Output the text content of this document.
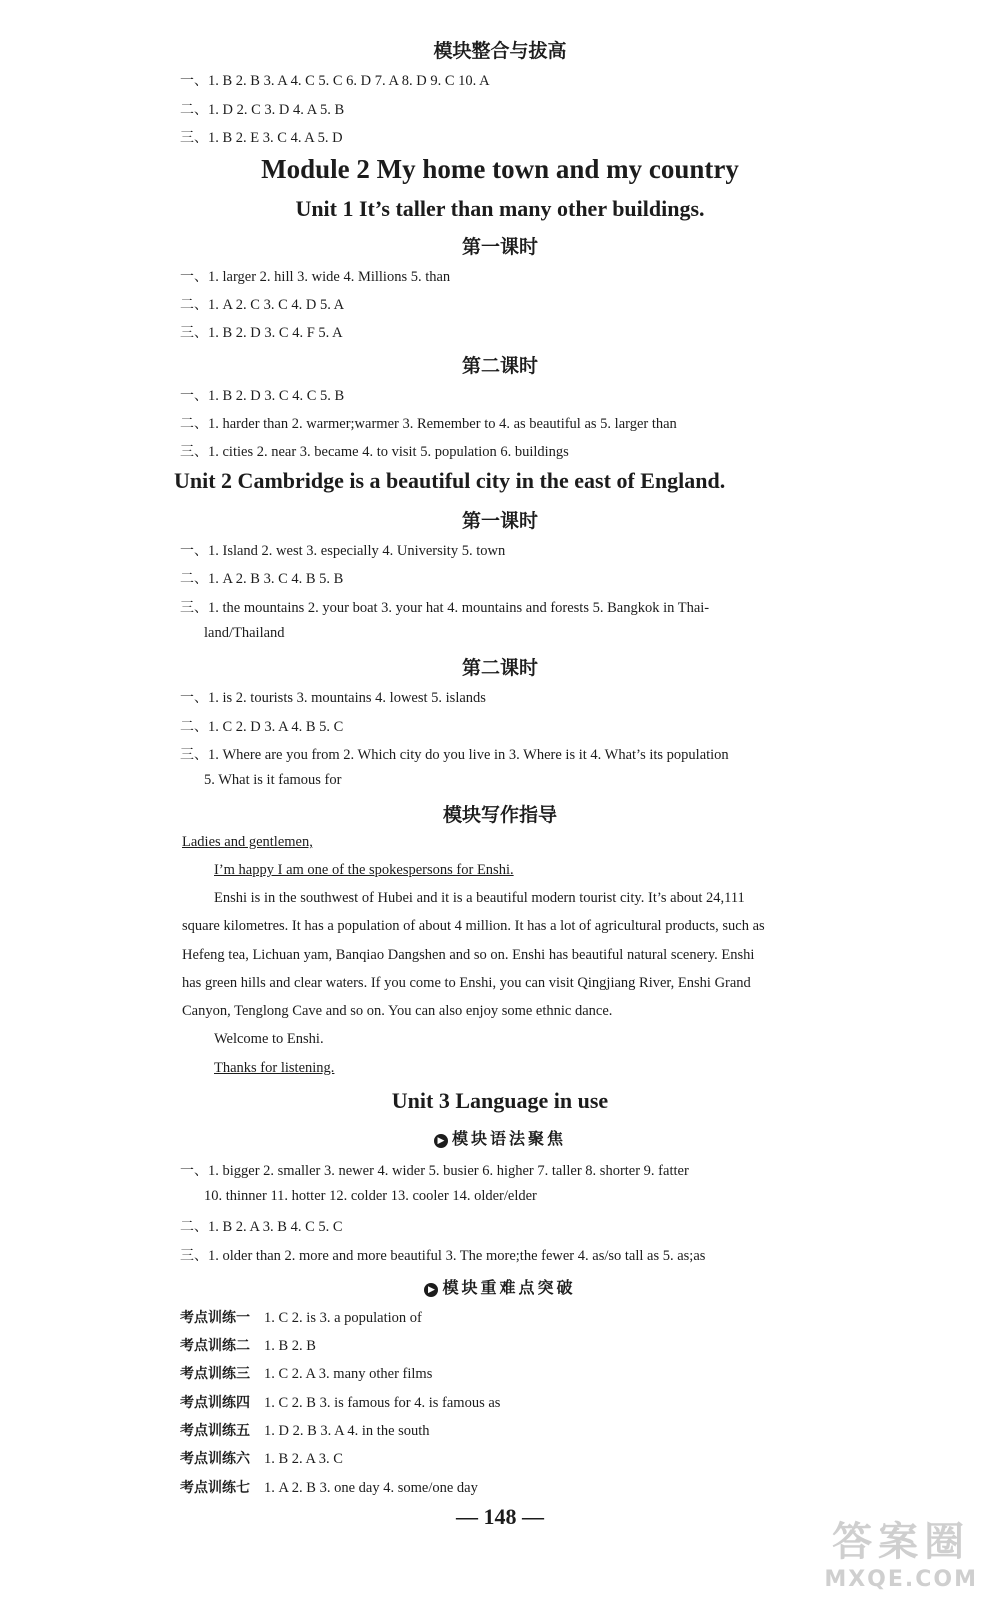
模块整合与拔高
一、1. B 2. B 3. A 4. C 5. C 6. D 7. A 8. D 9. C 10. A
二、1. D 2. C 3. D 4. A 5. B
三、1. B 2. E 3. C 4. A 5. D
Module 2 My home town and my country
Unit 1 It’s taller than many other buildings.
第一课时
一、1. larger 2. hill 3. wide 4. Millions 5. than
二、1. A 2. C 3. C 4. D 5. A
三、1. B 2. D 3. C 4. F 5. A
第二课时
一、1. B 2. D 3. C 4. C 5. B
二、1. harder than 2. warmer;warmer 3. Remember to 4. as beautiful as 5. larger than
三、1. cities 2. near 3. became 4. to visit 5. population 6. buildings
Unit 2 Cambridge is a beautiful city in the east of England.
第一课时
一、1. Island 2. west 3. especially 4. University 5. town
二、1. A 2. B 3. C 4. B 5. B
三、1. the mountains 2. your boat 3. your hat 4. mountains and forests 5. Bangkok in Thai-
land/Thailand
第二课时
一、1. is 2. tourists 3. mountains 4. lowest 5. islands
二、1. C 2. D 3. A 4. B 5. C
三、1. Where are you from 2. Which city do you live in 3. Where is it 4. What’s its population
5. What is it famous for
模块写作指导
Ladies and gentlemen,
I’m happy I am one of the spokespersons for Enshi.
Enshi is in the southwest of Hubei and it is a beautiful modern tourist city. It’s about 24,111
square kilometres. It has a population of about 4 million. It has a lot of agricultural products, such as
Hefeng tea, Lichuan yam, Banqiao Dangshen and so on. Enshi has beautiful natural scenery. Enshi
has green hills and clear waters. If you come to Enshi, you can visit Qingjiang River, Enshi Grand
Canyon, Tenglong Cave and so on. You can also enjoy some ethnic dance.
Welcome to Enshi.
Thanks for listening.
Unit 3 Language in use
▶ 模块语法聚焦
一、1. bigger 2. smaller 3. newer 4. wider 5. busier 6. higher 7. taller 8. shorter 9. fatter
10. thinner 11. hotter 12. colder 13. cooler 14. older/elder
二、1. B 2. A 3. B 4. C 5. C
三、1. older than 2. more and more beautiful 3. The more;the fewer 4. as/so tall as 5. as;as
▶ 模块重难点突破
考点训练一 1. C 2. is 3. a population of
考点训练二 1. B 2. B
考点训练三 1. C 2. A 3. many other films
考点训练四 1. C 2. B 3. is famous for 4. is famous as
考点训练五 1. D 2. B 3. A 4. in the south
考点训练六 1. B 2. A 3. C
考点训练七 1. A 2. B 3. one day 4. some/one day
— 148 —
答案圈
MXQE.COM
